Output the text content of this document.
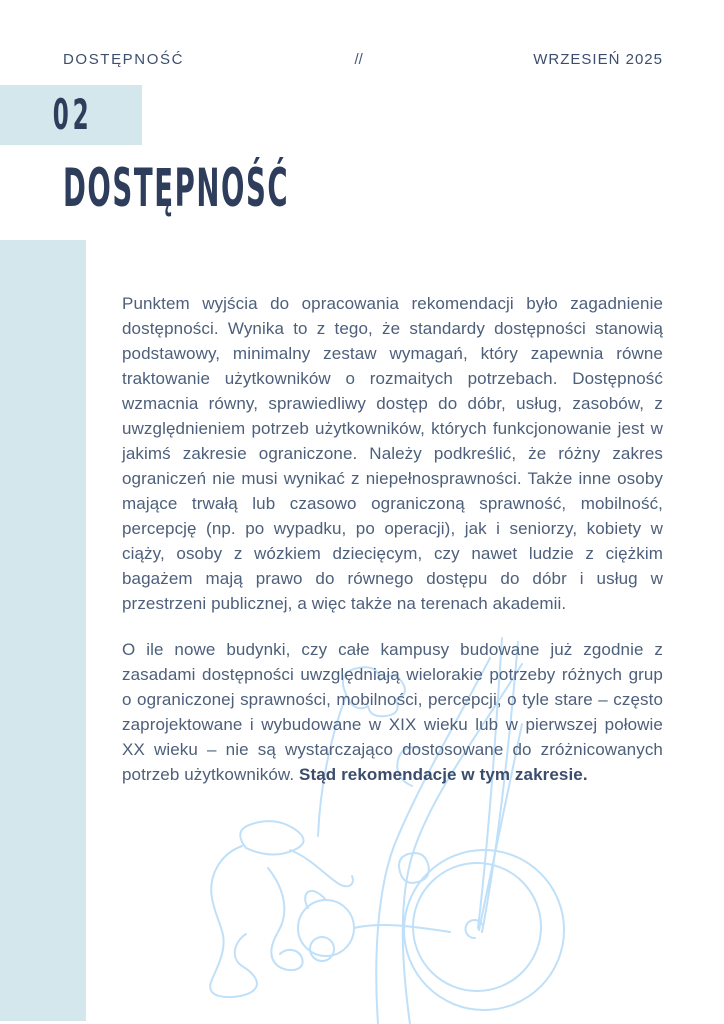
DOSTĘPNOŚĆ	//	WRZESIEŃ 2025
02
DOSTĘPNOŚĆ

Punktem wyjścia do opracowania rekomendacji było zagadnienie dostępności. Wynika to z tego, że standardy dostępności stanowią podstawowy, minimalny zestaw wymagań, który zapewnia równe traktowanie użytkowników o rozmaitych potrzebach. Dostępność wzmacnia równy, sprawiedliwy dostęp do dóbr, usług, zasobów, z uwzględnieniem potrzeb użytkowników, których funkcjonowanie jest w jakimś zakresie ograniczone. Należy podkreślić, że różny zakres ograniczeń nie musi wynikać z niepełnosprawności. Także inne osoby mające trwałą lub czasowo ograniczoną sprawność, mobilność, percepcję (np. po wypadku, po operacji), jak i seniorzy, kobiety w ciąży, osoby z wózkiem dziecięcym, czy nawet ludzie z ciężkim bagażem mają prawo do równego dostępu do dóbr i usług w przestrzeni publicznej, a więc także na terenach akademii.

O ile nowe budynki, czy całe kampusy budowane już zgodnie z zasadami dostępności uwzględniają wielorakie potrzeby różnych grup o ograniczonej sprawności, mobilności, percepcji, o tyle stare – często zaprojektowane i wybudowane w XIX wieku lub w pierwszej połowie XX wieku – nie są wystarczająco dostosowane do zróżnicowanych potrzeb użytkowników. Stąd rekomendacje w tym zakresie.
